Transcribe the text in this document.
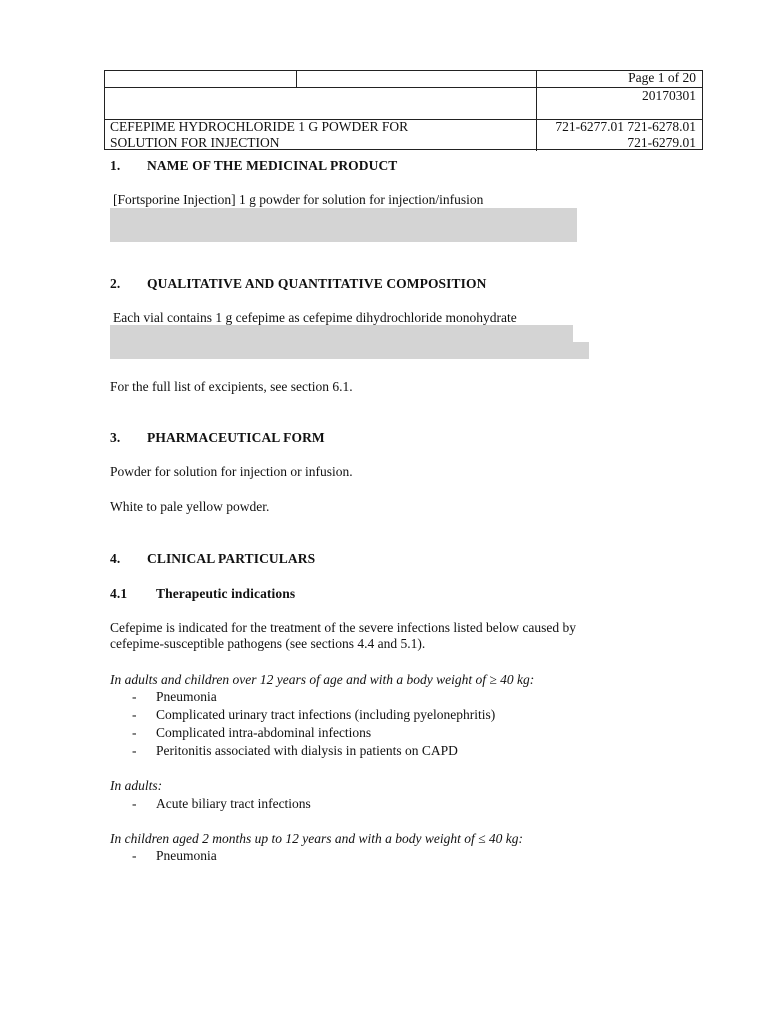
Page 1 of 20
20170301
CEFEPIME HYDROCHLORIDE 1 G POWDER FOR
SOLUTION FOR INJECTION
721-6277.01 721-6278.01
721-6279.01
1. NAME OF THE MEDICINAL PRODUCT
[Fortsporine Injection] 1 g powder for solution for injection/infusion
2. QUALITATIVE AND QUANTITATIVE COMPOSITION
Each vial contains 1 g cefepime as cefepime dihydrochloride monohydrate
For the full list of excipients, see section 6.1.
3. PHARMACEUTICAL FORM
Powder for solution for injection or infusion.
White to pale yellow powder.
4. CLINICAL PARTICULARS
4.1 Therapeutic indications
Cefepime is indicated for the treatment of the severe infections listed below caused by
cefepime-susceptible pathogens (see sections 4.4 and 5.1).
In adults and children over 12 years of age and with a body weight of ≥ 40 kg:
- Pneumonia
- Complicated urinary tract infections (including pyelonephritis)
- Complicated intra-abdominal infections
- Peritonitis associated with dialysis in patients on CAPD
In adults:
- Acute biliary tract infections
In children aged 2 months up to 12 years and with a body weight of ≤ 40 kg:
- Pneumonia
